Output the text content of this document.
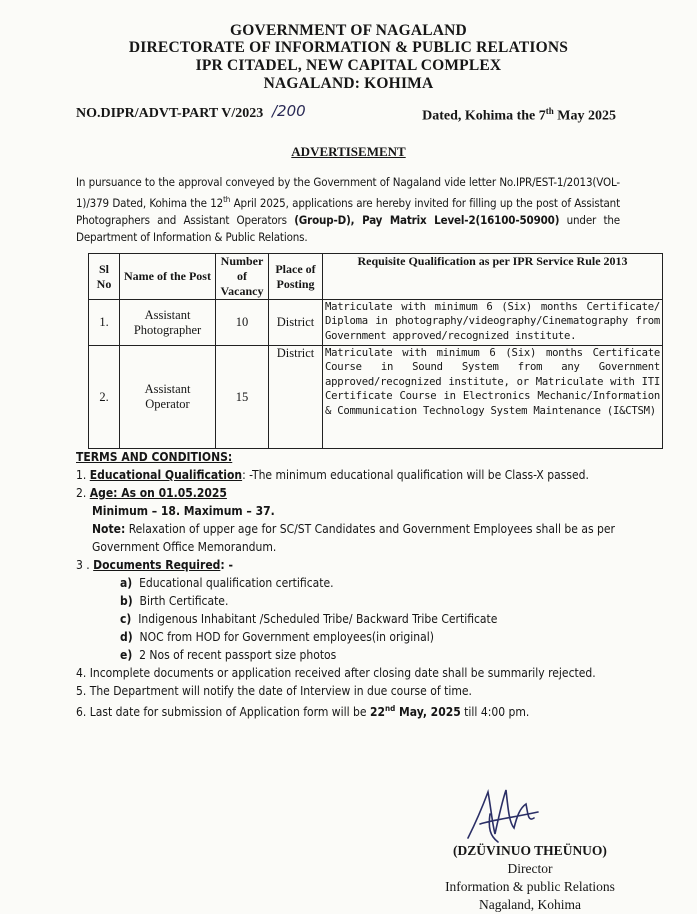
GOVERNMENT OF NAGALAND
DIRECTORATE OF INFORMATION & PUBLIC RELATIONS
IPR CITADEL, NEW CAPITAL COMPLEX
NAGALAND: KOHIMA
NO.DIPR/ADVT-PART V/2023 /200	Dated, Kohima the 7th May 2025
ADVERTISEMENT
In pursuance to the approval conveyed by the Government of Nagaland vide letter No.IPR/EST-1/2013(VOL-1)/379 Dated, Kohima the 12th April 2025, applications are hereby invited for filling up the post of Assistant Photographers and Assistant Operators (Group-D), Pay Matrix Level-2(16100-50900) under the Department of Information & Public Relations.
Sl No	Name of the Post	Number of Vacancy	Place of Posting	Requisite Qualification as per IPR Service Rule 2013
1.	Assistant Photographer	10	District	Matriculate with minimum 6 (Six) months Certificate/ Diploma in photography/videography/Cinematography from Government approved/recognized institute.
2.	Assistant Operator	15	District	Matriculate with minimum 6 (Six) months Certificate Course in Sound System from any Government approved/recognized institute, or Matriculate with ITI Certificate Course in Electronics Mechanic/Information & Communication Technology System Maintenance (I&CTSM)
TERMS AND CONDITIONS:
1. Educational Qualification: -The minimum educational qualification will be Class-X passed.
2. Age: As on 01.05.2025
Minimum – 18. Maximum – 37.
Note: Relaxation of upper age for SC/ST Candidates and Government Employees shall be as per Government Office Memorandum.
3 . Documents Required: -
a) Educational qualification certificate.
b) Birth Certificate.
c) Indigenous Inhabitant /Scheduled Tribe/ Backward Tribe Certificate
d) NOC from HOD for Government employees(in original)
e) 2 Nos of recent passport size photos
4. Incomplete documents or application received after closing date shall be summarily rejected.
5. The Department will notify the date of Interview in due course of time.
6. Last date for submission of Application form will be 22nd May, 2025 till 4:00 pm.
(DZÜVINUO THEÜNUO)
Director
Information & public Relations
Nagaland, Kohima
